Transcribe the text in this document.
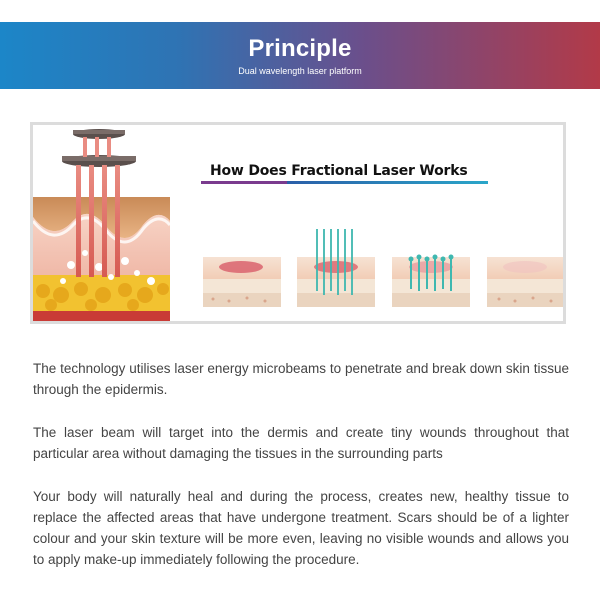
Principle
Dual wavelength laser platform
How Does Fractional Laser Works

The technology utilises laser energy microbeams to penetrate and break down skin tissue through the epidermis.

The laser beam will target into the dermis and create tiny wounds throughout that particular area without damaging the tissues in the surrounding parts

Your body will naturally heal and during the process, creates new, healthy tissue to replace the affected areas that have undergone treatment. Scars should be of a lighter colour and your skin texture will be more even, leaving no visible wounds and allows you to apply make-up immediately following the procedure.
